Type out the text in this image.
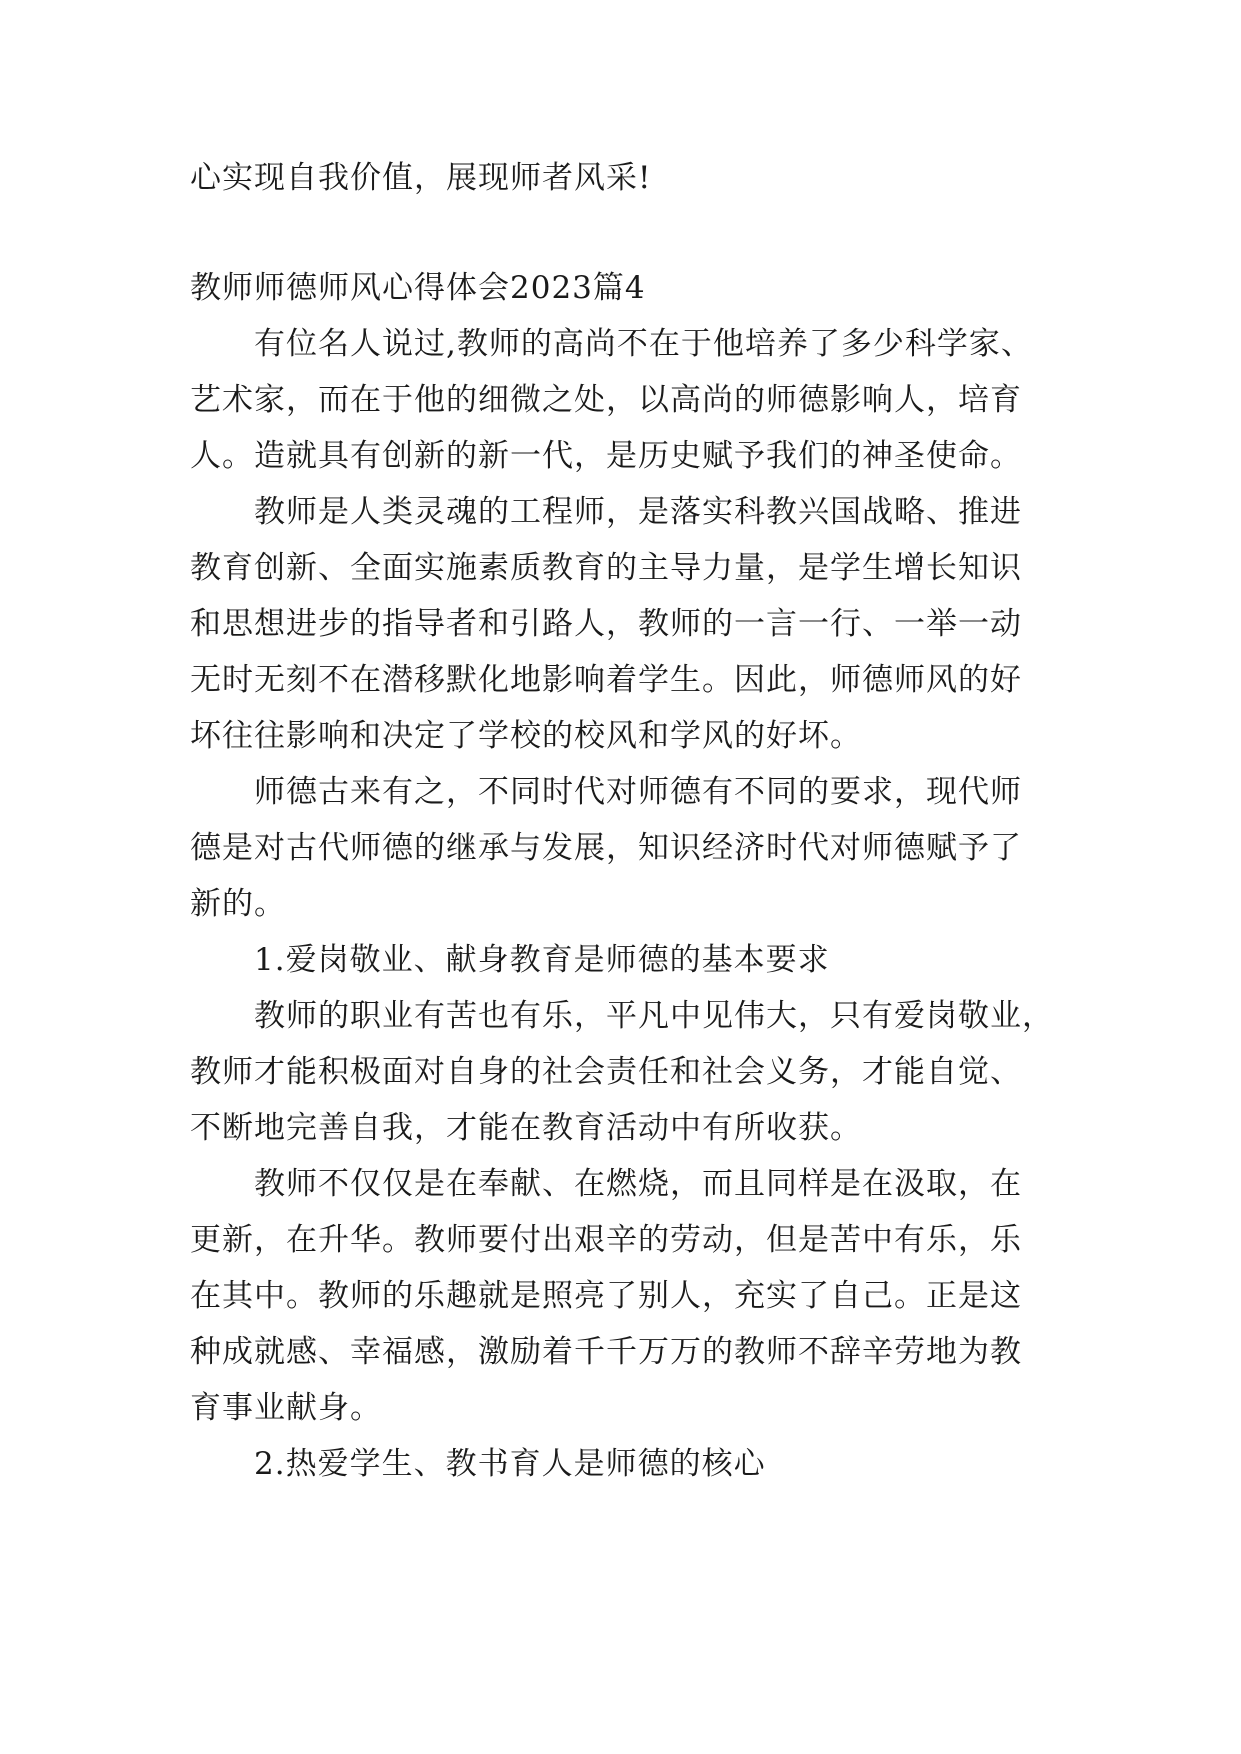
心实现自我价值，展现师者风采!
教师师德师风心得体会2023篇4
有位名人说过,教师的高尚不在于他培养了多少科学家、
艺术家，而在于他的细微之处，以高尚的师德影响人，培育
人。造就具有创新的新一代，是历史赋予我们的神圣使命。
教师是人类灵魂的工程师，是落实科教兴国战略、推进
教育创新、全面实施素质教育的主导力量，是学生增长知识
和思想进步的指导者和引路人，教师的一言一行、一举一动
无时无刻不在潜移默化地影响着学生。因此，师德师风的好
坏往往影响和决定了学校的校风和学风的好坏。
师德古来有之，不同时代对师德有不同的要求，现代师
德是对古代师德的继承与发展，知识经济时代对师德赋予了
新的。
1.爱岗敬业、献身教育是师德的基本要求
教师的职业有苦也有乐，平凡中见伟大，只有爱岗敬业，
教师才能积极面对自身的社会责任和社会义务，才能自觉、
不断地完善自我，才能在教育活动中有所收获。
教师不仅仅是在奉献、在燃烧，而且同样是在汲取，在
更新，在升华。教师要付出艰辛的劳动，但是苦中有乐，乐
在其中。教师的乐趣就是照亮了别人，充实了自己。正是这
种成就感、幸福感，激励着千千万万的教师不辞辛劳地为教
育事业献身。
2.热爱学生、教书育人是师德的核心
